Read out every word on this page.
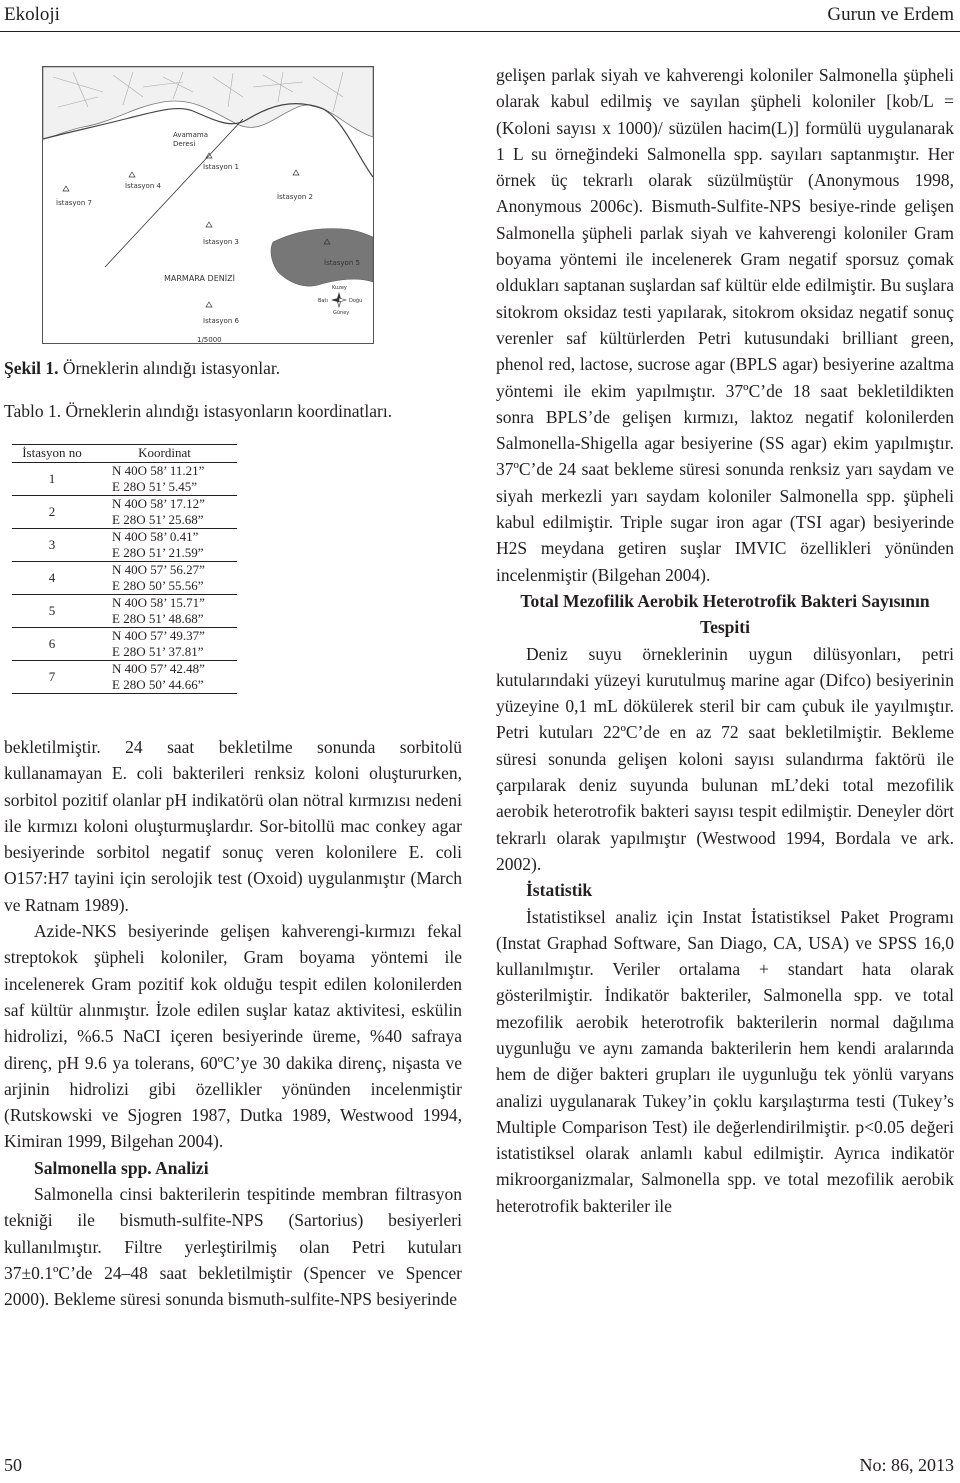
Ekoloji	Gurun ve Erdem
Avamama
Deresi
İstasyon 1
İstasyon 2
İstasyon 3
İstasyon 4
İstasyon 5
İstasyon 6
İstasyon 7
MARMARA DENİZİ
Kuzey
Güney
Doğu
Batı
1/5000
Şekil 1. Örneklerin alındığı istasyonlar.
Tablo 1. Örneklerin alındığı istasyonların koordinatları.
İstasyon no	Koordinat
1	N 40O 58’ 11.21”
	E 28O 51’ 5.45”
2	N 40O 58’ 17.12”
	E 28O 51’ 25.68”
3	N 40O 58’ 0.41”
	E 28O 51’ 21.59”
4	N 40O 57’ 56.27”
	E 28O 50’ 55.56”
5	N 40O 58’ 15.71”
	E 28O 51’ 48.68”
6	N 40O 57’ 49.37”
	E 28O 51’ 37.81”
7	N 40O 57’ 42.48”
	E 28O 50’ 44.66”

bekletilmiştir. 24 saat bekletilme sonunda sorbitolü kullanamayan E. coli bakterileri renksiz koloni oluştururken, sorbitol pozitif olanlar pH indikatörü olan nötral kırmızısı nedeni ile kırmızı koloni oluşturmuşlardır. Sor-bitollü mac conkey agar besiyerinde sorbitol negatif sonuç veren kolonilere E. coli O157:H7 tayini için serolojik test (Oxoid) uygulanmıştır (March ve Ratnam 1989).

Azide-NKS besiyerinde gelişen kahverengi-kırmızı fekal streptokok şüpheli koloniler, Gram boyama yöntemi ile incelenerek Gram pozitif kok olduğu tespit edilen kolonilerden saf kültür alınmıştır. İzole edilen suşlar kataz aktivitesi, eskülin hidrolizi, %6.5 NaCI içeren besiyerinde üreme, %40 safraya direnç, pH 9.6 ya tolerans, 60ºC’ye 30 dakika direnç, nişasta ve arjinin hidrolizi gibi özellikler yönünden incelenmiştir (Rutskowski ve Sjogren 1987, Dutka 1989, Westwood 1994, Kimiran 1999, Bilgehan 2004).

Salmonella spp. Analizi

Salmonella cinsi bakterilerin tespitinde membran filtrasyon tekniği ile bismuth-sulfite-NPS (Sartorius) besiyerleri kullanılmıştır. Filtre yerleştirilmiş olan Petri kutuları 37±0.1ºC’de 24–48 saat bekletilmiştir (Spencer ve Spencer 2000). Bekleme süresi sonunda bismuth-sulfite-NPS besiyerinde

gelişen parlak siyah ve kahverengi koloniler Salmonella şüpheli olarak kabul edilmiş ve sayılan şüpheli koloniler [kob/L = (Koloni sayısı x 1000)/ süzülen hacim(L)] formülü uygulanarak 1 L su örneğindeki Salmonella spp. sayıları saptanmıştır. Her örnek üç tekrarlı olarak süzülmüştür (Anonymous 1998, Anonymous 2006c). Bismuth-Sulfite-NPS besiye-rinde gelişen Salmonella şüpheli parlak siyah ve kahverengi koloniler Gram boyama yöntemi ile incelenerek Gram negatif sporsuz çomak oldukları saptanan suşlardan saf kültür elde edilmiştir. Bu suşlara sitokrom oksidaz testi yapılarak, sitokrom oksidaz negatif sonuç verenler saf kültürlerden Petri kutusundaki brilliant green, phenol red, lactose, sucrose agar (BPLS agar) besiyerine azaltma yöntemi ile ekim yapılmıştır. 37ºC’de 18 saat bekletildikten sonra BPLS’de gelişen kırmızı, laktoz negatif kolonilerden Salmonella-Shigella agar besiyerine (SS agar) ekim yapılmıştır. 37ºC’de 24 saat bekleme süresi sonunda renksiz yarı saydam ve siyah merkezli yarı saydam koloniler Salmonella spp. şüpheli kabul edilmiştir. Triple sugar iron agar (TSI agar) besiyerinde H2S meydana getiren suşlar IMVIC özellikleri yönünden incelenmiştir (Bilgehan 2004).

Total Mezofilik Aerobik Heterotrofik Bakteri Sayısının Tespiti

Deniz suyu örneklerinin uygun dilüsyonları, petri kutularındaki yüzeyi kurutulmuş marine agar (Difco) besiyerinin yüzeyine 0,1 mL dökülerek steril bir cam çubuk ile yayılmıştır. Petri kutuları 22ºC’de en az 72 saat bekletilmiştir. Bekleme süresi sonunda gelişen koloni sayısı sulandırma faktörü ile çarpılarak deniz suyunda bulunan mL’deki total mezofilik aerobik heterotrofik bakteri sayısı tespit edilmiştir. Deneyler dört tekrarlı olarak yapılmıştır (Westwood 1994, Bordala ve ark. 2002).

İstatistik

İstatistiksel analiz için Instat İstatistiksel Paket Programı (Instat Graphad Software, San Diago, CA, USA) ve SPSS 16,0 kullanılmıştır. Veriler ortalama + standart hata olarak gösterilmiştir. İndikatör bakteriler, Salmonella spp. ve total mezofilik aerobik heterotrofik bakterilerin normal dağılıma uygunluğu ve aynı zamanda bakterilerin hem kendi aralarında hem de diğer bakteri grupları ile uygunluğu tek yönlü varyans analizi uygulanarak Tukey’in çoklu karşılaştırma testi (Tukey’s Multiple Comparison Test) ile değerlendirilmiştir. p<0.05 değeri istatistiksel olarak anlamlı kabul edilmiştir. Ayrıca indikatör mikroorganizmalar, Salmonella spp. ve total mezofilik aerobik heterotrofik bakteriler ile

50	No: 86, 2013
